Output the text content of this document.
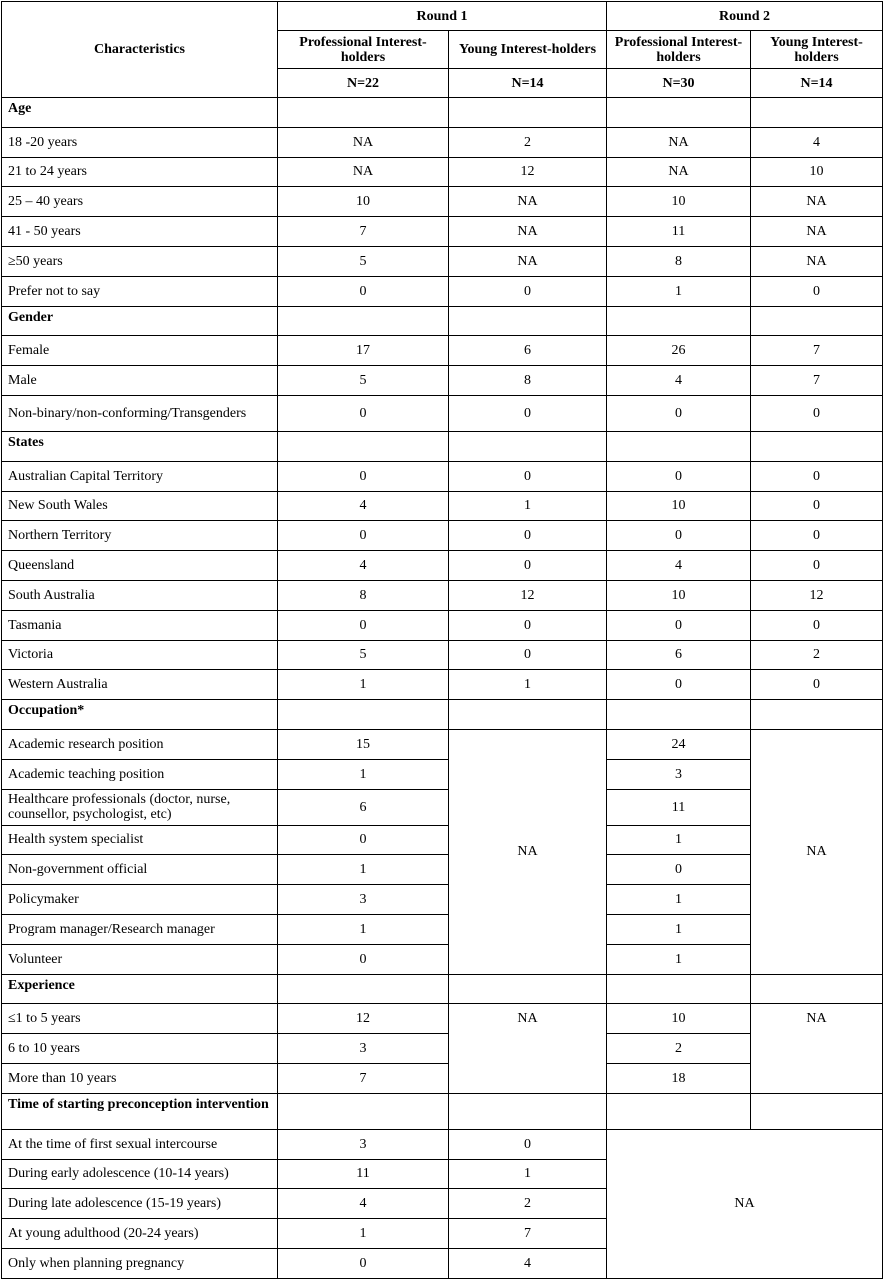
Characteristics	Round 1		Round 2	
	Professional Interest-holders	Young Interest-holders	Professional Interest-holders	Young Interest-holders
	N=22	N=14	N=30	N=14
Age				
18 -20 years	NA	2	NA	4
21 to 24 years	NA	12	NA	10
25 – 40 years	10	NA	10	NA
41 - 50 years	7	NA	11	NA
≥50 years	5	NA	8	NA
Prefer not to say	0	0	1	0
Gender				
Female	17	6	26	7
Male	5	8	4	7
Non-binary/non-conforming/Transgenders	0	0	0	0
States				
Australian Capital Territory	0	0	0	0
New South Wales	4	1	10	0
Northern Territory	0	0	0	0
Queensland	4	0	4	0
South Australia	8	12	10	12
Tasmania	0	0	0	0
Victoria	5	0	6	2
Western Australia	1	1	0	0
Occupation*				
Academic research position	15	NA	24	NA
Academic teaching position	1		3	
Healthcare professionals (doctor, nurse, counsellor, psychologist, etc)	6		11	
Health system specialist	0		1	
Non-government official	1		0	
Policymaker	3		1	
Program manager/Research manager	1		1	
Volunteer	0		1	
Experience				
≤1 to 5 years	12	NA	10	NA
6 to 10 years	3		2	
More than 10 years	7		18	
Time of starting preconception intervention				
At the time of first sexual intercourse	3	0	NA	
During early adolescence (10-14 years)	11	1		
During late adolescence (15-19 years)	4	2		
At young adulthood (20-24 years)	1	7		
Only when planning pregnancy	0	4		
